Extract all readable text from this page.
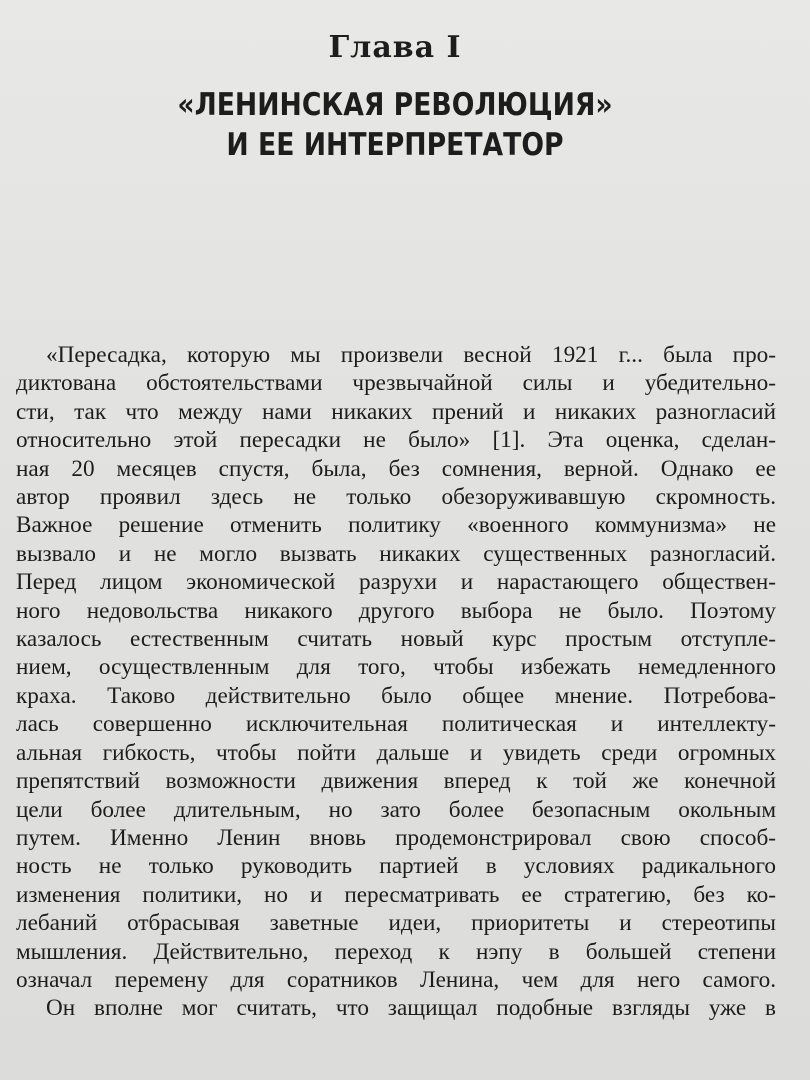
Глава I
«ЛЕНИНСКАЯ РЕВОЛЮЦИЯ»
И ЕЕ ИНТЕРПРЕТАТОР
«Пересадка, которую мы произвели весной 1921 г... была про-
диктована обстоятельствами чрезвычайной силы и убедительно-
сти, так что между нами никаких прений и никаких разногласий
относительно этой пересадки не было» [1]. Эта оценка, сделан-
ная 20 месяцев спустя, была, без сомнения, верной. Однако ее
автор проявил здесь не только обезоруживавшую скромность.
Важное решение отменить политику «военного коммунизма» не
вызвало и не могло вызвать никаких существенных разногласий.
Перед лицом экономической разрухи и нарастающего обществен-
ного недовольства никакого другого выбора не было. Поэтому
казалось естественным считать новый курс простым отступле-
нием, осуществленным для того, чтобы избежать немедленного
краха. Таково действительно было общее мнение. Потребова-
лась совершенно исключительная политическая и интеллекту-
альная гибкость, чтобы пойти дальше и увидеть среди огромных
препятствий возможности движения вперед к той же конечной
цели более длительным, но зато более безопасным окольным
путем. Именно Ленин вновь продемонстрировал свою способ-
ность не только руководить партией в условиях радикального
изменения политики, но и пересматривать ее стратегию, без ко-
лебаний отбрасывая заветные идеи, приоритеты и стереотипы
мышления. Действительно, переход к нэпу в большей степени
означал перемену для соратников Ленина, чем для него самого.
Он вполне мог считать, что защищал подобные взгляды уже в
